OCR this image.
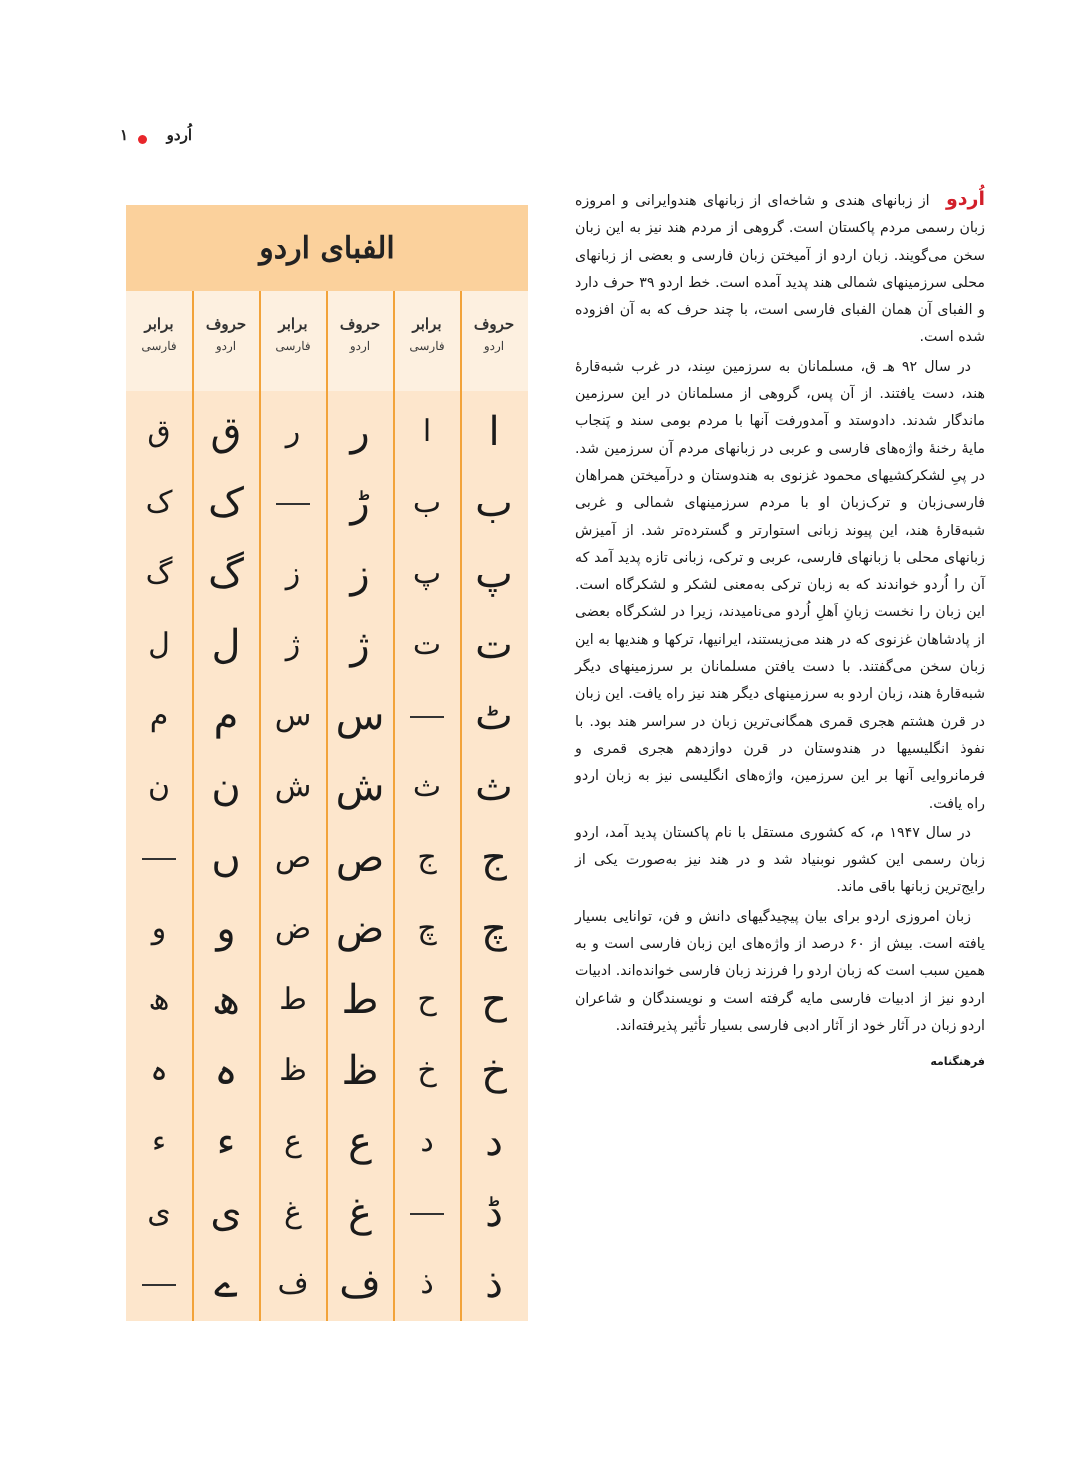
اُردو
۱

اُردو از زبانهای هندی و شاخه‌ای از زبانهای هندوایرانی و امروزه زبان رسمی مردم پاکستان است. گروهی از مردم هند نیز به این زبان سخن می‌گویند. زبان اردو از آمیختن زبان فارسی و بعضی از زبانهای محلی سرزمینهای شمالی هند پدید آمده است. خط اردو ۳۹ حرف دارد و الفبای آن همان الفبای فارسی است، با چند حرف که به آن افزوده شده است.

در سال ۹۲ هـ ق، مسلمانان به سرزمین سِند، در غرب شبه‌قارهٔ هند، دست یافتند. از آن پس، گروهی از مسلمانان در این سرزمین ماندگار شدند. دادوستد و آمدورفت آنها با مردم بومی سند و پَنجاب مایهٔ رخنهٔ واژه‌های فارسی و عربی در زبانهای مردم آن سرزمین شد. در پیِ لشکرکشیهای محمود غزنوی به هندوستان و درآمیختن همراهان فارسی‌زبان و ترک‌زبان او با مردم سرزمینهای شمالی و غربی شبه‌قارهٔ هند، این پیوند زبانی استوارتر و گسترده‌تر شد. از آمیزش زبانهای محلی با زبانهای فارسی، عربی و ترکی، زبانی تازه پدید آمد که آن را اُردو خواندند که به زبان ترکی به‌معنی لشکر و لشکرگاه است. این زبان را نخست زبانِ اَهلِ اُردو می‌نامیدند، زیرا در لشکرگاه بعضی از پادشاهان غزنوی که در هند می‌زیستند، ایرانیها، ترکها و هندیها به این زبان سخن می‌گفتند. با دست یافتن مسلمانان بر سرزمینهای دیگر شبه‌قارهٔ هند، زبان اردو به سرزمینهای دیگر هند نیز راه یافت. این زبان در قرن هشتم هجری قمری همگانی‌ترین زبان در سراسر هند بود. با نفوذ انگلیسیها در هندوستان در قرن دوازدهم هجری قمری و فرمانروایی آنها بر این سرزمین، واژه‌های انگلیسی نیز به زبان اردو راه یافت.

در سال ۱۹۴۷ م، که کشوری مستقل با نام پاکستان پدید آمد، اردو زبان رسمی این کشور نوبنیاد شد و در هند نیز به‌صورت یکی از رایج‌ترین زبانها باقی ماند.

زبان امروزی اردو برای بیان پیچیدگیهای دانش و فن، توانایی بسیار یافته است. بیش از ۶۰ درصد از واژه‌های این زبان فارسی است و به همین سبب است که زبان اردو را فرزند زبان فارسی خوانده‌اند. ادبیات اردو نیز از ادبیات فارسی مایه گرفته است و نویسندگان و شاعران اردو زبان در آثار خود از آثار ادبی فارسی بسیار تأثیر پذیرفته‌اند.

فرهنگنامه
الفبای اردو
حروف
اردو
برابر
فارسی
حروف
اردو
برابر
فارسی
حروف
اردو
برابر
فارسی
ا
ب
پ
ت
ٹ
ث
ج
چ
ح
خ
د
ڈ
ذ
ا
ب
پ
ت
ث
ج
چ
ح
خ
د
ذ
ر
ڑ
ز
ژ
س
ش
ص
ض
ط
ظ
ع
غ
ف
ر
ز
ژ
س
ش
ص
ض
ط
ظ
ع
غ
ف
ق
ک
گ
ل
م
ن
ں
و
ھ
ہ
ء
ی
ے
ق
ک
گ
ل
م
ن
و
ھ
ہ
ء
ی
